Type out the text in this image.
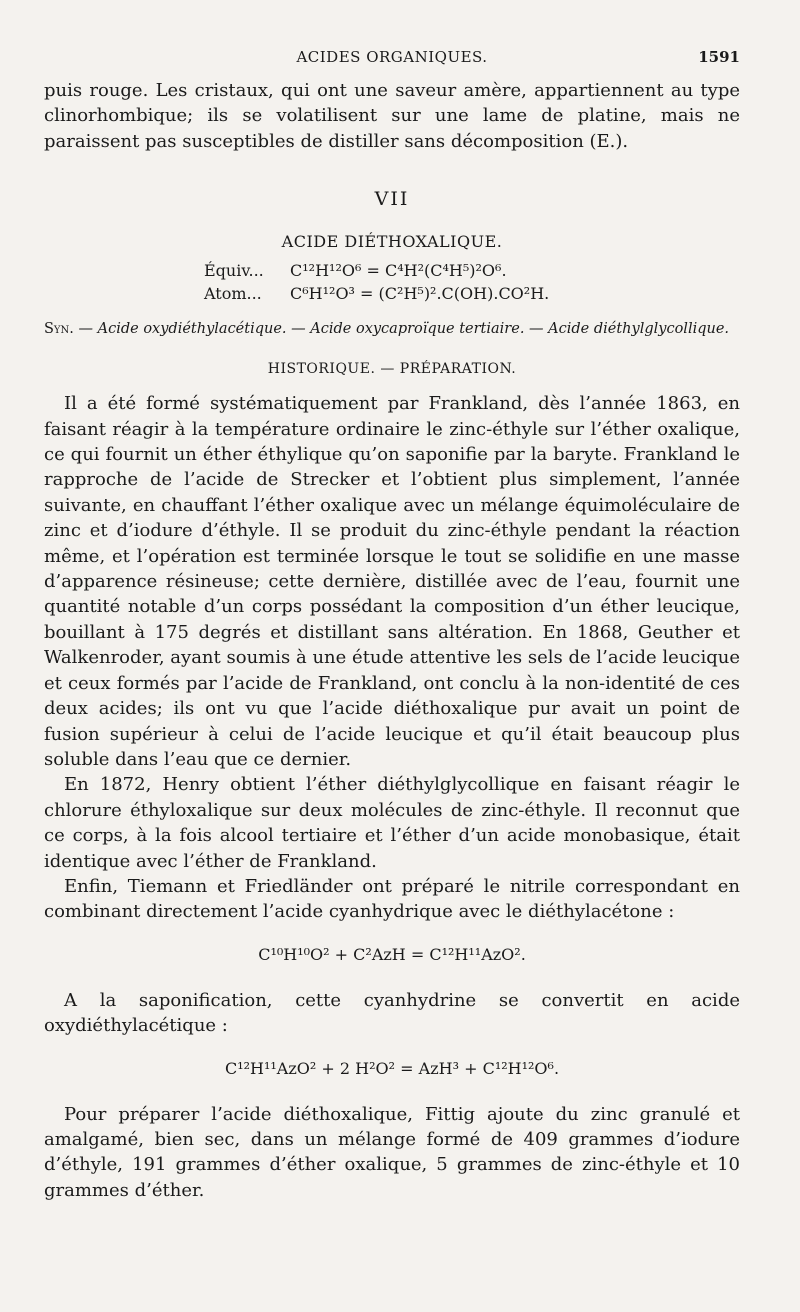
ACIDES ORGANIQUES.	1591

puis rouge. Les cristaux, qui ont une saveur amère, appartiennent au type clinorhombique; ils se volatilisent sur une lame de platine, mais ne paraissent pas susceptibles de distiller sans décomposition (E.).

VII
ACIDE DIÉTHOXALIQUE.
Équiv...	C¹²H¹²O⁶ = C⁴H²(C⁴H⁵)²O⁶.
Atom...	C⁶H¹²O³ = (C²H⁵)².C(OH).CO²H.
Syn. — Acide oxydiéthylacétique. — Acide oxycaproïque tertiaire. — Acide diéthylglycollique.
HISTORIQUE. — PRÉPARATION.

Il a été formé systématiquement par Frankland, dès l’année 1863, en faisant réagir à la température ordinaire le zinc-éthyle sur l’éther oxalique, ce qui fournit un éther éthylique qu’on saponifie par la baryte. Frankland le rapproche de l’acide de Strecker et l’obtient plus simplement, l’année suivante, en chauffant l’éther oxalique avec un mélange équimoléculaire de zinc et d’iodure d’éthyle. Il se produit du zinc-éthyle pendant la réaction même, et l’opération est terminée lorsque le tout se solidifie en une masse d’apparence résineuse; cette dernière, distillée avec de l’eau, fournit une quantité notable d’un corps possédant la composition d’un éther leucique, bouillant à 175 degrés et distillant sans altération. En 1868, Geuther et Walkenroder, ayant soumis à une étude attentive les sels de l’acide leucique et ceux formés par l’acide de Frankland, ont conclu à la non-identité de ces deux acides; ils ont vu que l’acide diéthoxalique pur avait un point de fusion supérieur à celui de l’acide leucique et qu’il était beaucoup plus soluble dans l’eau que ce dernier.

En 1872, Henry obtient l’éther diéthylglycollique en faisant réagir le chlorure éthyloxalique sur deux molécules de zinc-éthyle. Il reconnut que ce corps, à la fois alcool tertiaire et l’éther d’un acide monobasique, était identique avec l’éther de Frankland.

Enfin, Tiemann et Friedländer ont préparé le nitrile correspondant en combinant directement l’acide cyanhydrique avec le diéthylacétone :

C¹⁰H¹⁰O² + C²AzH = C¹²H¹¹AzO².

A la saponification, cette cyanhydrine se convertit en acide oxydiéthylacétique :

C¹²H¹¹AzO² + 2 H²O² = AzH³ + C¹²H¹²O⁶.

Pour préparer l’acide diéthoxalique, Fittig ajoute du zinc granulé et amalgamé, bien sec, dans un mélange formé de 409 grammes d’iodure d’éthyle, 191 grammes d’éther oxalique, 5 grammes de zinc-éthyle et 10 grammes d’éther.
